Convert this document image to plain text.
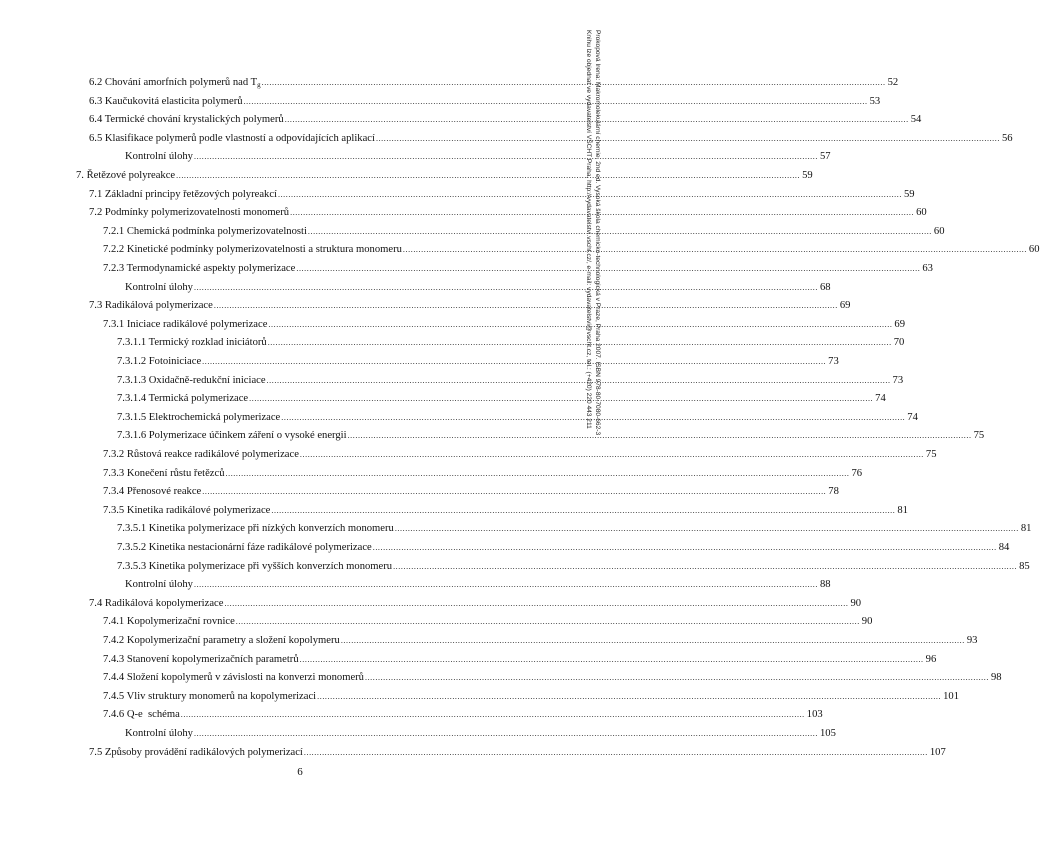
6.2 Chování amorfních polymerů nad $T_g$ .....	52
6.3 Kaučukovitá elasticita polymerů .....	53
6.4 Termické chování krystalických polymerů .....	54
6.5 Klasifikace polymerů podle vlastností a odpovídajících aplikací .....	56
Kontrolní úlohy .....	57
7. Řetězové polyreakce .....	59
7.1 Základní principy řetězových polyreakcí .....	59
7.2 Podmínky polymerizovatelnosti monomerů .....	60
7.2.1 Chemická podmínka polymerizovatelnosti .....	60
7.2.2 Kinetické podmínky polymerizovatelnosti a struktura monomeru .....	60
7.2.3 Termodynamické aspekty polymerizace .....	63
Kontrolní úlohy .....	68
7.3 Radikálová polymerizace .....	69
7.3.1 Iniciace radikálové polymerizace .....	69
7.3.1.1 Termický rozklad iniciátorů .....	70
7.3.1.2 Fotoiniciace .....	73
7.3.1.3 Oxidačně-redukční iniciace .....	73
7.3.1.4 Termická polymerizace .....	74
7.3.1.5 Elektrochemická polymerizace .....	74
7.3.1.6 Polymerizace účinkem záření o vysoké energii .....	75
7.3.2 Růstová reakce radikálové polymerizace .....	75
7.3.3 Konečení růstu řetězců .....	76
7.3.4 Přenosové reakce .....	78
7.3.5 Kinetika radikálové polymerizace .....	81
7.3.5.1 Kinetika polymerizace při nízkých konverzích monomeru .....	81
7.3.5.2 Kinetika nestacionární fáze radikálové polymerizace .....	84
7.3.5.3 Kinetika polymerizace při vyšších konverzích monomeru .....	85
Kontrolní úlohy .....	88
7.4 Radikálová kopolymerizace .....	90
7.4.1 Kopolymerizační rovnice .....	90
7.4.2 Kopolymerizační parametry a složení kopolymeru .....	93
7.4.3 Stanovení kopolymerizačních parametrů .....	96
7.4.4 Složení kopolymerů v závislosti na konverzi monomerů .....	98
7.4.5 Vliv struktury monomerů na kopolymerizaci .....	101
7.4.6 Q-e  schéma .....	103
Kontrolní úlohy .....	105
7.5 Způsoby provádění radikálových polymerizací .....	107
6
Prokopová Irena: Makromolekulární chemie. 2nd ed. Vysoká škola chemicko-technologická v Praze, Praha 2007. ISBN 978-80-7080-662-3
Knihu lze objednat ve vydavatelství VŠCHT Praha, http://vydavatelstvi.vscht.cz/, e-mail: vydavatelstvi@vscht.cz, tel.: (+420) 220 443 211
